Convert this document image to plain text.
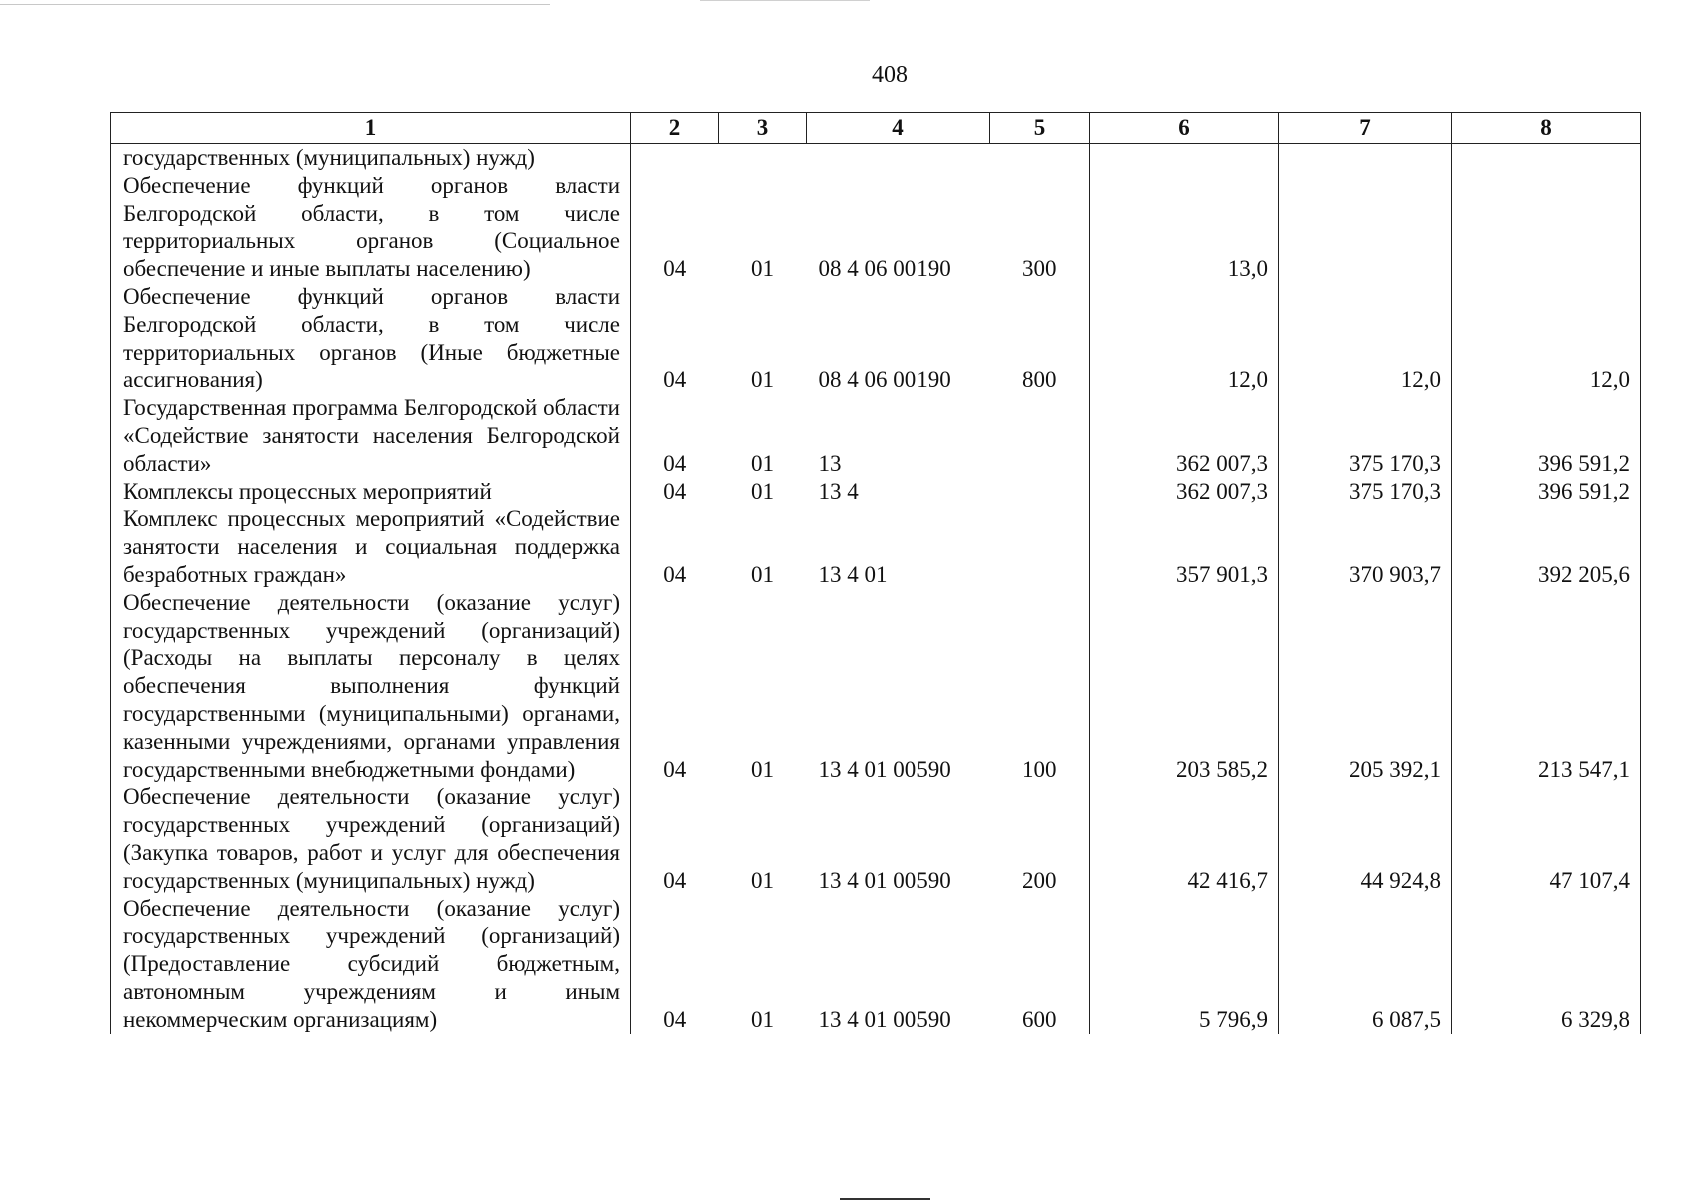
408
1	2	3	4	5	6	7	8
государственных (муниципальных) нужд)							
Обеспечение функций органов власти Белгородской области, в том числе территориальных органов (Социальное обеспечение и иные выплаты населению)	04	01	08 4 06 00190	300	13,0		
Обеспечение функций органов власти Белгородской области, в том числе территориальных органов (Иные бюджетные ассигнования)	04	01	08 4 06 00190	800	12,0	12,0	12,0
Государственная программа Белгородской области «Содействие занятости населения Белгородской области»	04	01	13		362 007,3	375 170,3	396 591,2
Комплексы процессных мероприятий	04	01	13 4		362 007,3	375 170,3	396 591,2
Комплекс процессных мероприятий «Содействие занятости населения и социальная поддержка безработных граждан»	04	01	13 4 01		357 901,3	370 903,7	392 205,6
Обеспечение деятельности (оказание услуг) государственных учреждений (организаций) (Расходы на выплаты персоналу в целях обеспечения выполнения функций государственными (муниципальными) органами, казенными учреждениями, органами управления государственными внебюджетными фондами)	04	01	13 4 01 00590	100	203 585,2	205 392,1	213 547,1
Обеспечение деятельности (оказание услуг) государственных учреждений (организаций) (Закупка товаров, работ и услуг для обеспечения государственных (муниципальных) нужд)	04	01	13 4 01 00590	200	42 416,7	44 924,8	47 107,4
Обеспечение деятельности (оказание услуг) государственных учреждений (организаций) (Предоставление субсидий бюджетным, автономным учреждениям и иным некоммерческим организациям)	04	01	13 4 01 00590	600	5 796,9	6 087,5	6 329,8
